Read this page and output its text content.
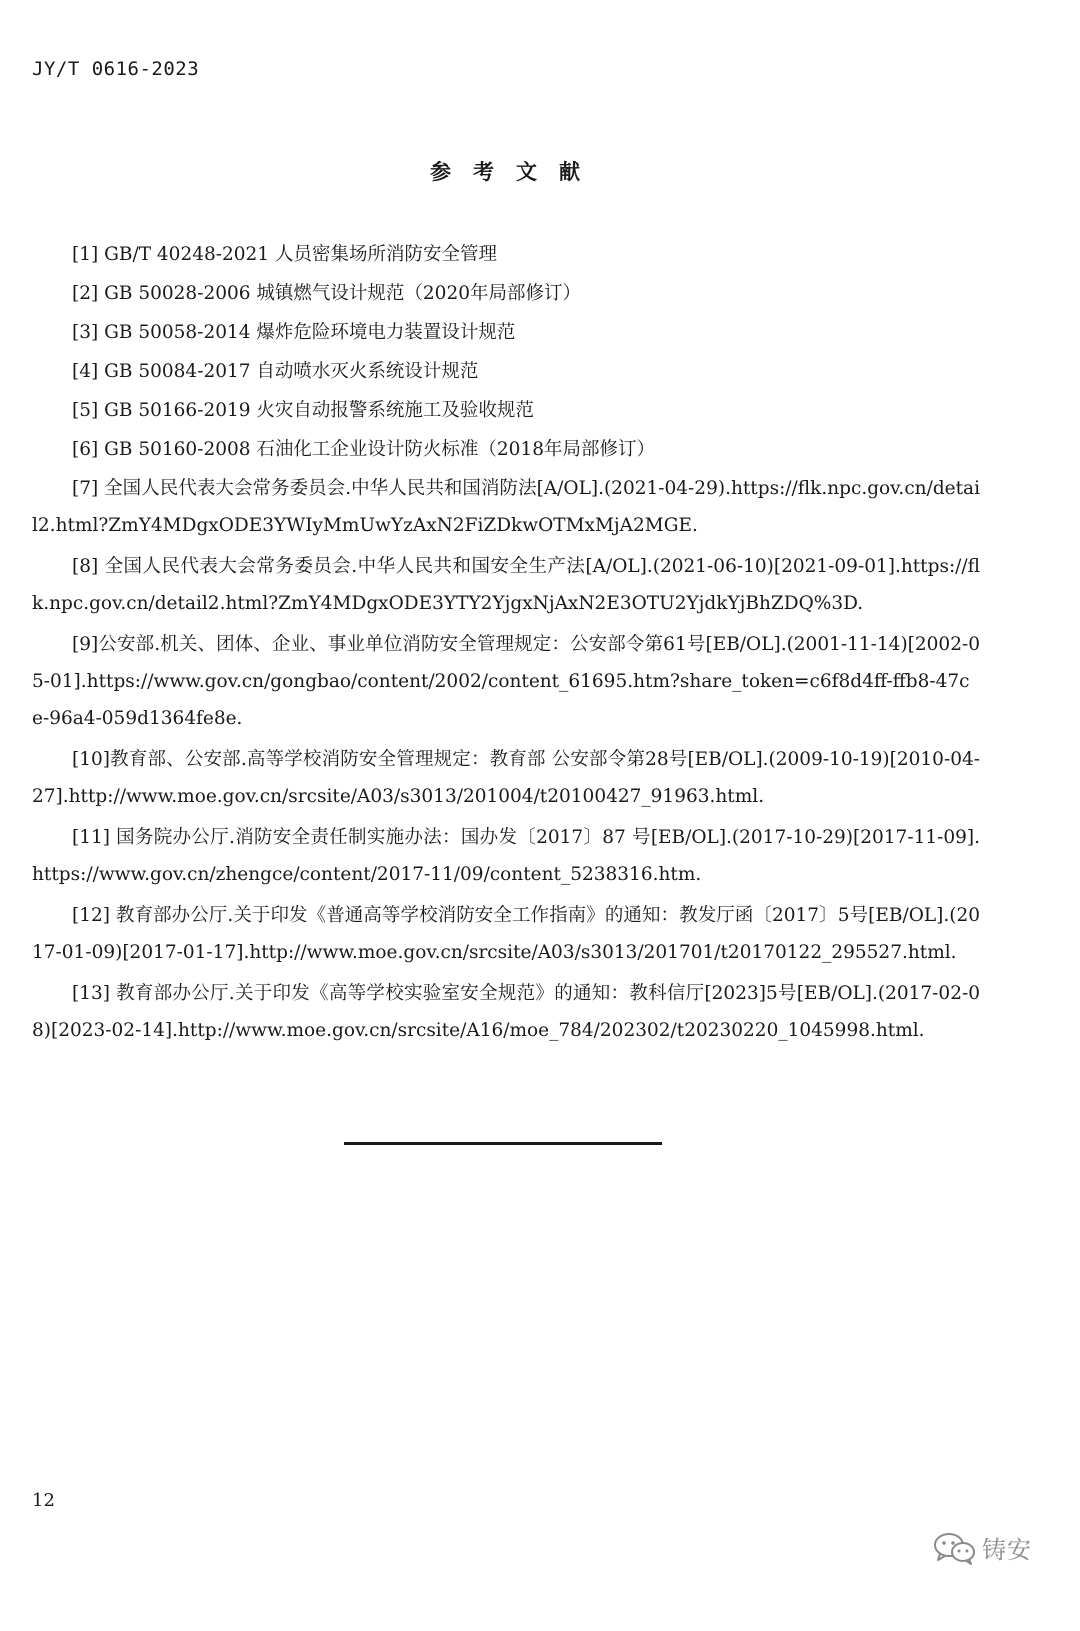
JY/T 0616-2023
参考文献

[1] GB/T 40248-2021 人员密集场所消防安全管理

[2] GB 50028-2006 城镇燃气设计规范（2020年局部修订）

[3] GB 50058-2014 爆炸危险环境电力装置设计规范

[4] GB 50084-2017 自动喷水灭火系统设计规范

[5] GB 50166-2019 火灾自动报警系统施工及验收规范

[6] GB 50160-2008 石油化工企业设计防火标准（2018年局部修订）

[7] 全国人民代表大会常务委员会.中华人民共和国消防法[A/OL].(2021-04-29).https://flk.npc.gov.cn/detail2.html?ZmY4MDgxODE3YWIyMmUwYzAxN2FiZDkwOTMxMjA2MGE.

[8] 全国人民代表大会常务委员会.中华人民共和国安全生产法[A/OL].(2021-06-10)[2021-09-01].https://flk.npc.gov.cn/detail2.html?ZmY4MDgxODE3YTY2YjgxNjAxN2E3OTU2YjdkYjBhZDQ%3D.

[9]公安部.机关、团体、企业、事业单位消防安全管理规定：公安部令第61号[EB/OL].(2001-11-14)[2002-05-01].https://www.gov.cn/gongbao/content/2002/content_61695.htm?share_token=c6f8d4ff-ffb8-47ce-96a4-059d1364fe8e.

[10]教育部、公安部.高等学校消防安全管理规定：教育部 公安部令第28号[EB/OL].(2009-10-19)[2010-04-27].http://www.moe.gov.cn/srcsite/A03/s3013/201004/t20100427_91963.html.

[11] 国务院办公厅.消防安全责任制实施办法：国办发〔2017〕87 号[EB/OL].(2017-10-29)[2017-11-09].https://www.gov.cn/zhengce/content/2017-11/09/content_5238316.htm.

[12] 教育部办公厅.关于印发《普通高等学校消防安全工作指南》的通知：教发厅函〔2017〕5号[EB/OL].(2017-01-09)[2017-01-17].http://www.moe.gov.cn/srcsite/A03/s3013/201701/t20170122_295527.html.

[13] 教育部办公厅.关于印发《高等学校实验室安全规范》的通知：教科信厅[2023]5号[EB/OL].(2017-02-08)[2023-02-14].http://www.moe.gov.cn/srcsite/A16/moe_784/202302/t20230220_1045998.html.

12
铸安
